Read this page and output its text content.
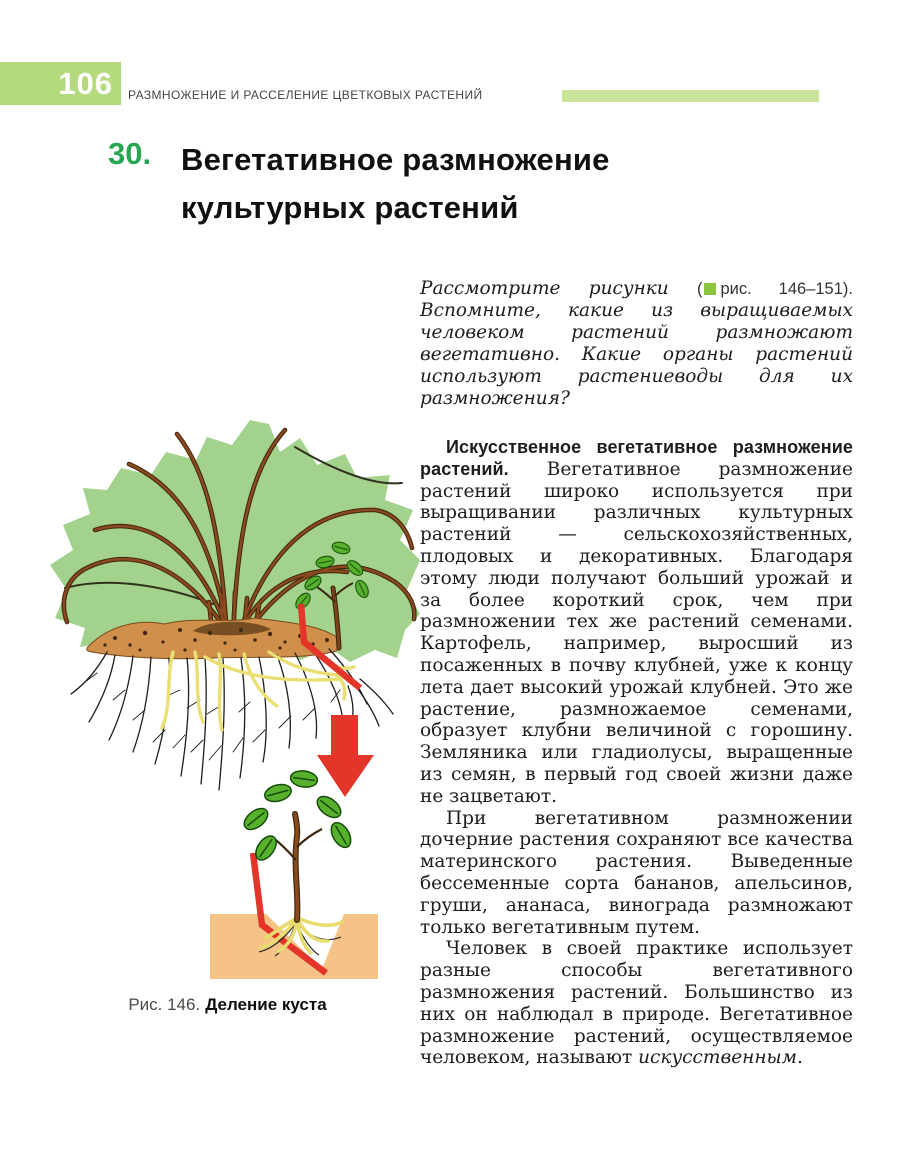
106 РАЗМНОЖЕНИЕ И РАССЕЛЕНИЕ ЦВЕТКОВЫХ РАСТЕНИЙ
30. Вегетативное размножение
культурных растений
Рис. 146. Деление куста

Рассмотрите рисунки ( рис. 146–151). Вспомните, какие из выращиваемых человеком растений размножают вегетативно. Какие органы растений используют растениеводы для их размножения?

Искусственное вегетативное размножение растений. Вегетативное размножение растений широко используется при выращивании различных культурных растений — сельскохозяйственных, плодовых и декоративных. Благодаря этому люди получают больший урожай и за более короткий срок, чем при размножении тех же растений семенами. Картофель, например, выросший из посаженных в почву клубней, уже к концу лета дает высокий урожай клубней. Это же растение, размножаемое семенами, образует клубни величиной с горошину. Земляника или гладиолусы, выращенные из семян, в первый год своей жизни даже не зацветают.

При вегетативном размножении дочерние растения сохраняют все качества материнского растения. Выведенные бессеменные сорта бананов, апельсинов, груши, ананаса, винограда размножают только вегетативным путем.

Человек в своей практике использует разные способы вегетативного размножения растений. Большинство из них он наблюдал в природе. Вегетативное размножение растений, осуществляемое человеком, называют искусственным.
